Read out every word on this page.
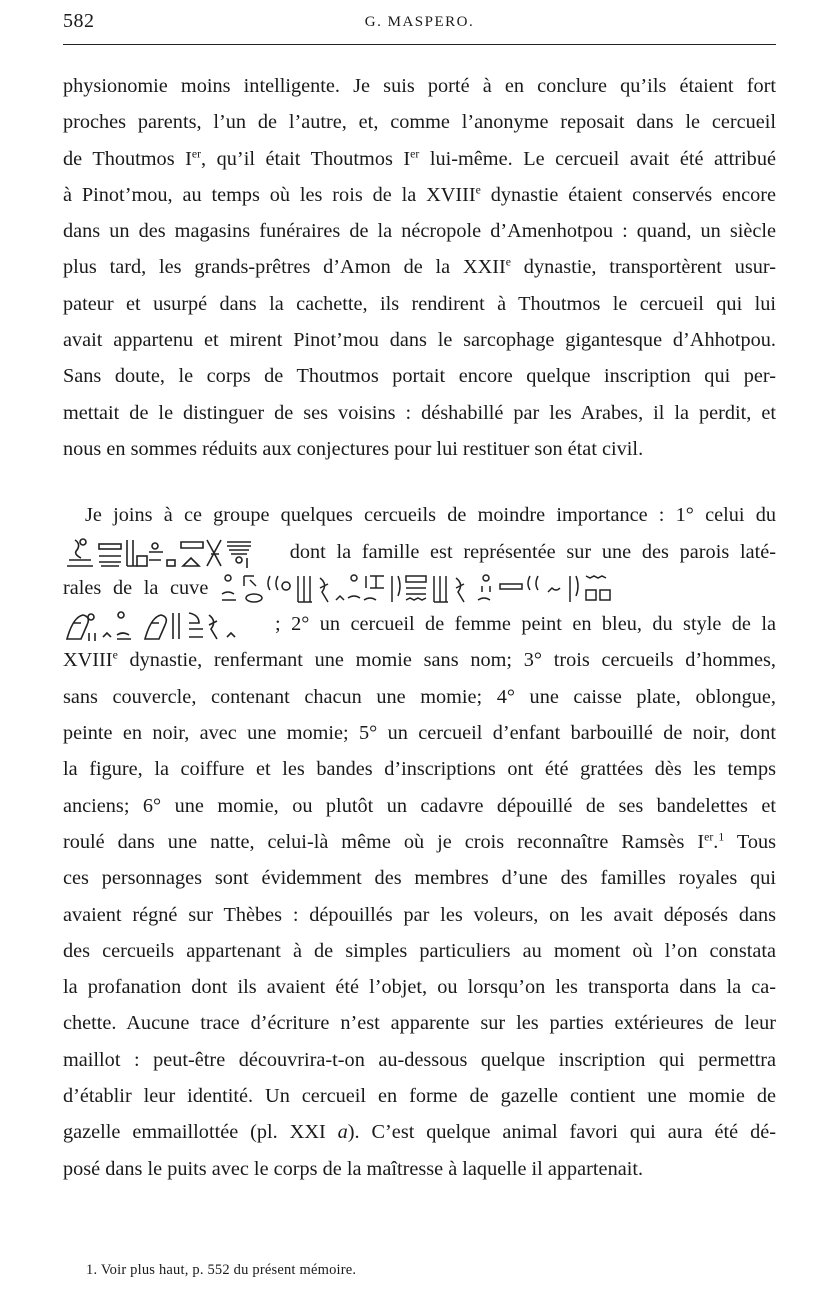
582	G. MASPERO.

physionomie moins intelligente. Je suis porté à en conclure qu’ils étaient fort
proches parents, l’un de l’autre, et, comme l’anonyme reposait dans le cercueil
de Thoutmos Ier, qu’il était Thoutmos Ier lui-même. Le cercueil avait été attribué
à Pinot’mou, au temps où les rois de la XVIIIe dynastie étaient conservés encore
dans un des magasins funéraires de la nécropole d’Amenhotpou : quand, un siècle
plus tard, les grands-prêtres d’Amon de la XXIIe dynastie, transportèrent usur-
pateur et usurpé dans la cachette, ils rendirent à Thoutmos le cercueil qui lui
avait appartenu et mirent Pinot’mou dans le sarcophage gigantesque d’Ahhotpou.
Sans doute, le corps de Thoutmos portait encore quelque inscription qui per-
mettait de le distinguer de ses voisins : déshabillé par les Arabes, il la perdit, et
nous en sommes réduits aux conjectures pour lui restituer son état civil.

Je joins à ce groupe quelques cercueils de moindre importance : 1° celui du
dont la famille est représentée sur une des parois laté-
rales de la cuve
; 2° un cercueil de femme peint en bleu, du style de la
XVIIIe dynastie, renfermant une momie sans nom; 3° trois cercueils d’hommes,
sans couvercle, contenant chacun une momie; 4° une caisse plate, oblongue,
peinte en noir, avec une momie; 5° un cercueil d’enfant barbouillé de noir, dont
la figure, la coiffure et les bandes d’inscriptions ont été grattées dès les temps
anciens; 6° une momie, ou plutôt un cadavre dépouillé de ses bandelettes et
roulé dans une natte, celui-là même où je crois reconnaître Ramsès Ier.$^1$ Tous
ces personnages sont évidemment des membres d’une des familles royales qui
avaient régné sur Thèbes : dépouillés par les voleurs, on les avait déposés dans
des cercueils appartenant à de simples particuliers au moment où l’on constata
la profanation dont ils avaient été l’objet, ou lorsqu’on les transporta dans la ca-
chette. Aucune trace d’écriture n’est apparente sur les parties extérieures de leur
maillot : peut-être découvrira-t-on au-dessous quelque inscription qui permettra
d’établir leur identité. Un cercueil en forme de gazelle contient une momie de
gazelle emmaillottée (pl. XXI a). C’est quelque animal favori qui aura été dé-
posé dans le puits avec le corps de la maîtresse à laquelle il appartenait.

1. Voir plus haut, p. 552 du présent mémoire.
